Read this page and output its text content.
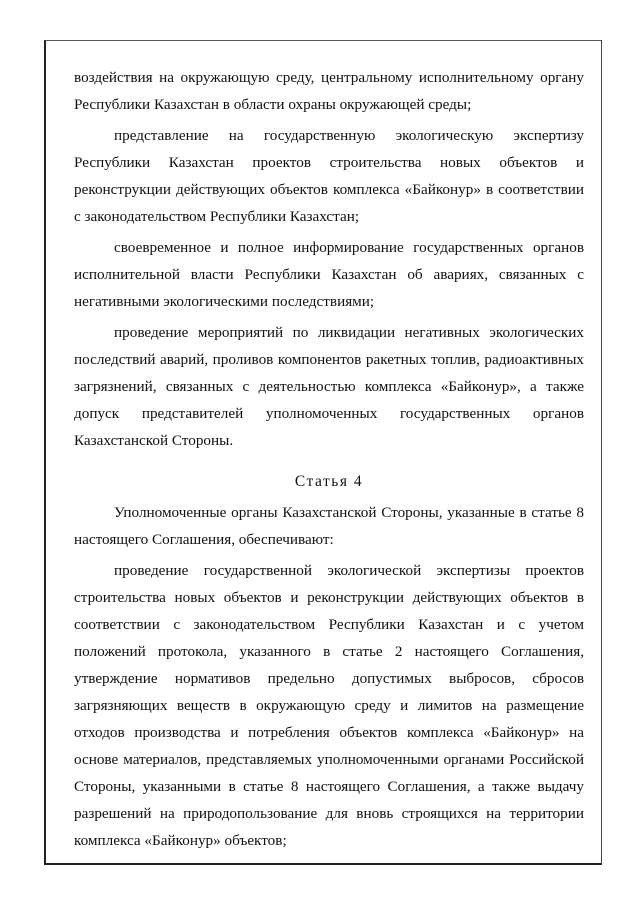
воздействия на окружающую среду, центральному исполнительному органу Республики Казахстан в области охраны окружающей среды;

представление на государственную экологическую экспертизу Республики Казахстан проектов строительства новых объектов и реконструкции действующих объектов комплекса «Байконур» в соответствии с законодательством Республики Казахстан;

своевременное и полное информирование государственных органов исполнительной власти Республики Казахстан об авариях, связанных с негативными экологическими последствиями;

проведение мероприятий по ликвидации негативных экологических последствий аварий, проливов компонентов ракетных топлив, радиоактивных загрязнений, связанных с деятельностью комплекса «Байконур», а также допуск представителей уполномоченных государственных органов Казахстанской Стороны.

Статья 4

Уполномоченные органы Казахстанской Стороны, указанные в статье 8 настоящего Соглашения, обеспечивают:

проведение государственной экологической экспертизы проектов строительства новых объектов и реконструкции действующих объектов в соответствии с законодательством Республики Казахстан и с учетом положений протокола, указанного в статье 2 настоящего Соглашения, утверждение нормативов предельно допустимых выбросов, сбросов загрязняющих веществ в окружающую среду и лимитов на размещение отходов производства и потребления объектов комплекса «Байконур» на основе материалов, представляемых уполномоченными органами Российской Стороны, указанными в статье 8 настоящего Соглашения, а также выдачу разрешений на природопользование для вновь строящихся на территории комплекса «Байконур» объектов;
